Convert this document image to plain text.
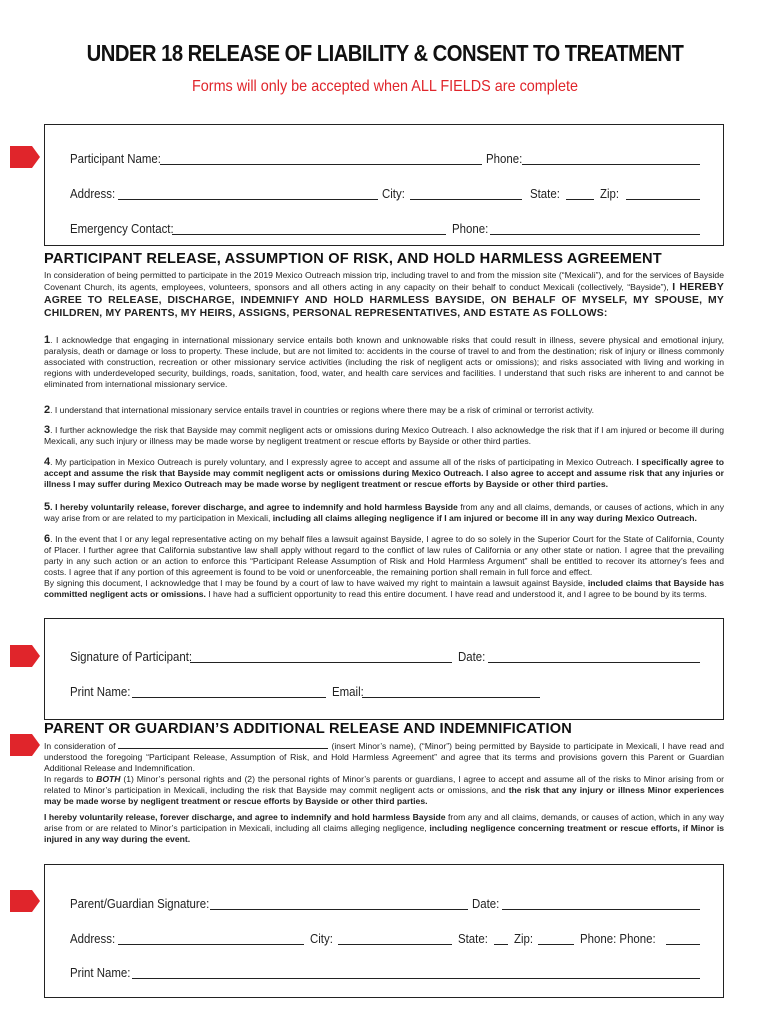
UNDER 18 RELEASE OF LIABILITY & CONSENT TO TREATMENT
Forms will only be accepted when ALL FIELDS are complete
Participant Name:	Phone:
Address:	City:	State:	Zip:
Emergency Contact:	Phone:
PARTICIPANT RELEASE, ASSUMPTION OF RISK, AND HOLD HARMLESS AGREEMENT
In consideration of being permitted to participate in the 2019 Mexico Outreach mission trip, including travel to and from the mission site (“Mexicali”), and for the services of Bayside Covenant Church, its agents, employees, volunteers, sponsors and all others acting in any capacity on their behalf to conduct Mexicali (collectively, “Bayside”), I HEREBY AGREE TO RELEASE, DISCHARGE, INDEMNIFY AND HOLD HARMLESS BAYSIDE, ON BEHALF OF MYSELF, MY SPOUSE, MY CHILDREN, MY PARENTS, MY HEIRS, ASSIGNS, PERSONAL REPRESENTATIVES, AND ESTATE AS FOLLOWS:
1. I acknowledge that engaging in international missionary service entails both known and unknowable risks that could result in illness, severe physical and emotional injury, paralysis, death or damage or loss to property. These include, but are not limited to: accidents in the course of travel to and from the destination; risk of injury or illness commonly associated with construction, recreation or other missionary service activities (including the risk of negligent acts or omissions); and risks associated with living and working in regions with underdeveloped security, buildings, roads, sanitation, food, water, and health care services and facilities. I understand that such risks are inherent to and cannot be eliminated from international missionary service.
2. I understand that international missionary service entails travel in countries or regions where there may be a risk of criminal or terrorist activity.
3. I further acknowledge the risk that Bayside may commit negligent acts or omissions during Mexico Outreach. I also acknowledge the risk that if I am injured or become ill during Mexicali, any such injury or illness may be made worse by negligent treatment or rescue efforts by Bayside or other third parties.
4. My participation in Mexico Outreach is purely voluntary, and I expressly agree to accept and assume all of the risks of participating in Mexico Outreach. I specifically agree to accept and assume the risk that Bayside may commit negligent acts or omissions during Mexico Outreach. I also agree to accept and assume risk that any injuries or illness I may suffer during Mexico Outreach may be made worse by negligent treatment or rescue efforts by Bayside or other third parties.
5. I hereby voluntarily release, forever discharge, and agree to indemnify and hold harmless Bayside from any and all claims, demands, or causes of actions, which in any way arise from or are related to my participation in Mexicali, including all claims alleging negligence if I am injured or become ill in any way during Mexico Outreach.
6. In the event that I or any legal representative acting on my behalf files a lawsuit against Bayside, I agree to do so solely in the Superior Court for the State of California, County of Placer. I further agree that California substantive law shall apply without regard to the conflict of law rules of California or any other state or nation. I agree that the prevailing party in any such action or an action to enforce this “Participant Release Assumption of Risk and Hold Harmless Argument” shall be entitled to recover its attorney’s fees and costs. I agree that if any portion of this agreement is found to be void or unenforceable, the remaining portion shall remain in full force and effect.
By signing this document, I acknowledge that I may be found by a court of law to have waived my right to maintain a lawsuit against Bayside, included claims that Bayside has committed negligent acts or omissions. I have had a sufficient opportunity to read this entire document. I have read and understood it, and I agree to be bound by its terms.
Signature of Participant:	Date:
Print Name:	Email:
PARENT OR GUARDIAN’S ADDITIONAL RELEASE AND INDEMNIFICATION
In consideration of	(insert Minor’s name), (“Minor”) being permitted by Bayside to participate in Mexicali, I have read and understood the foregoing “Participant Release, Assumption of Risk, and Hold Harmless Agreement” and agree that its terms and provisions govern this Parent or Guardian Additional Release and Indemnification.
In regards to BOTH (1) Minor’s personal rights and (2) the personal rights of Minor’s parents or guardians, I agree to accept and assume all of the risks to Minor arising from or related to Minor’s participation in Mexicali, including the risk that Bayside may commit negligent acts or omissions, and the risk that any injury or illness Minor experiences may be made worse by negligent treatment or rescue efforts by Bayside or other third parties.
I hereby voluntarily release, forever discharge, and agree to indemnify and hold harmless Bayside from any and all claims, demands, or causes of action, which in any way arise from or are related to Minor’s participation in Mexicali, including all claims alleging negligence, including negligence concerning treatment or rescue efforts, if Minor is injured in any way during the event.
Parent/Guardian Signature:	Date:
Address:	City:	State: Zip:	Phone: Phone:
Print Name:
